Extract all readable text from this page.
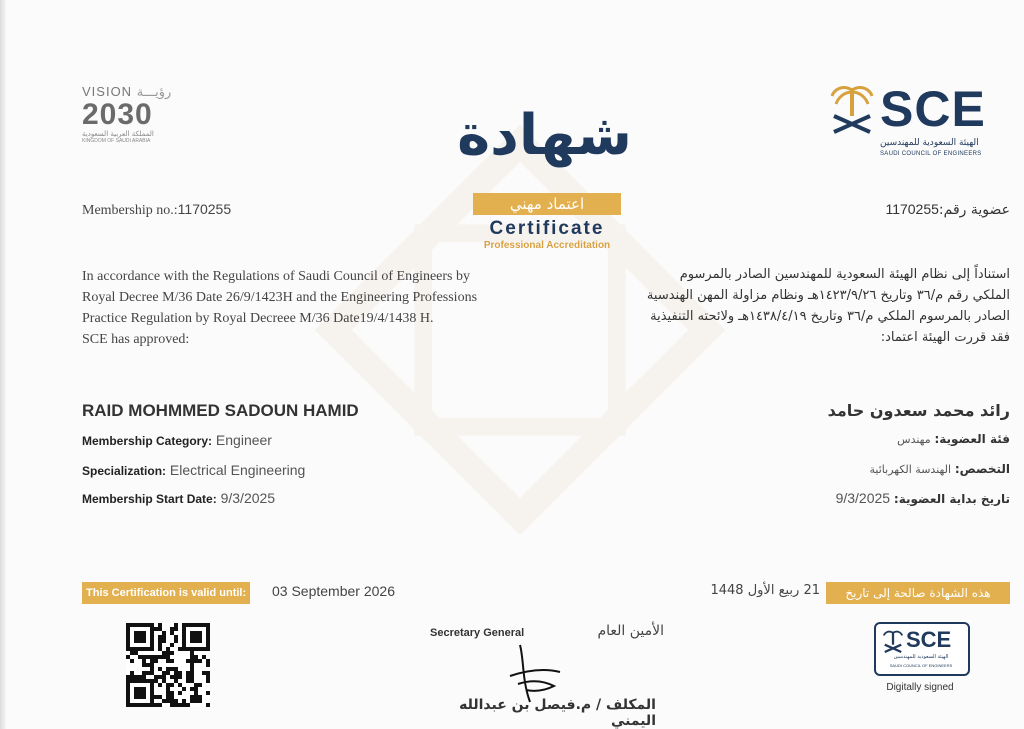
VISION رؤيـــة
2030
المملكة العربية السعودية
KINGDOM OF SAUDI ARABIA
SCE
الهيئة السعودية للمهندسين
SAUDI COUNCIL OF ENGINEERS
شهادة
اعتماد مهني
Certificate
Professional Accreditation
Membership no.:1170255	عضوية رقم:1170255
In accordance with the Regulations of Saudi Council of Engineers by
Royal Decree M/36 Date 26/9/1423H and the Engineering Professions
Practice Regulation by Royal Decreee M/36 Date19/4/1438 H.
SCE has approved:
استناداً إلى نظام الهيئة السعودية للمهندسين الصادر بالمرسوم
الملكي رقم م/٣٦ وتاريخ ١٤٢٣/٩/٢٦هـ ونظام مزاولة المهن الهندسية
الصادر بالمرسوم الملكي م/٣٦ وتاريخ ١٤٣٨/٤/١٩هـ ولائحته التنفيذية
فقد قررت الهيئة اعتماد:
RAID MOHMMED SADOUN HAMID	رائد محمد سعدون حامد
Membership Category: Engineer
Specialization: Electrical Engineering
Membership Start Date: 9/3/2025
فئة العضوية: مهندس
التخصص: الهندسة الكهربائية
تاريخ بداية العضوية: 9/3/2025
This Certification is valid until: 03 September 2026	21 ربيع الأول 1448	هذه الشهادة صالحة إلى تاريخ
Secretary General	الأمين العام
المكلف / م.فيصل بن عبدالله اليمني
SCE
الهيئة السعودية للمهندسين
SAUDI COUNCIL OF ENGINEERS
Digitally signed
